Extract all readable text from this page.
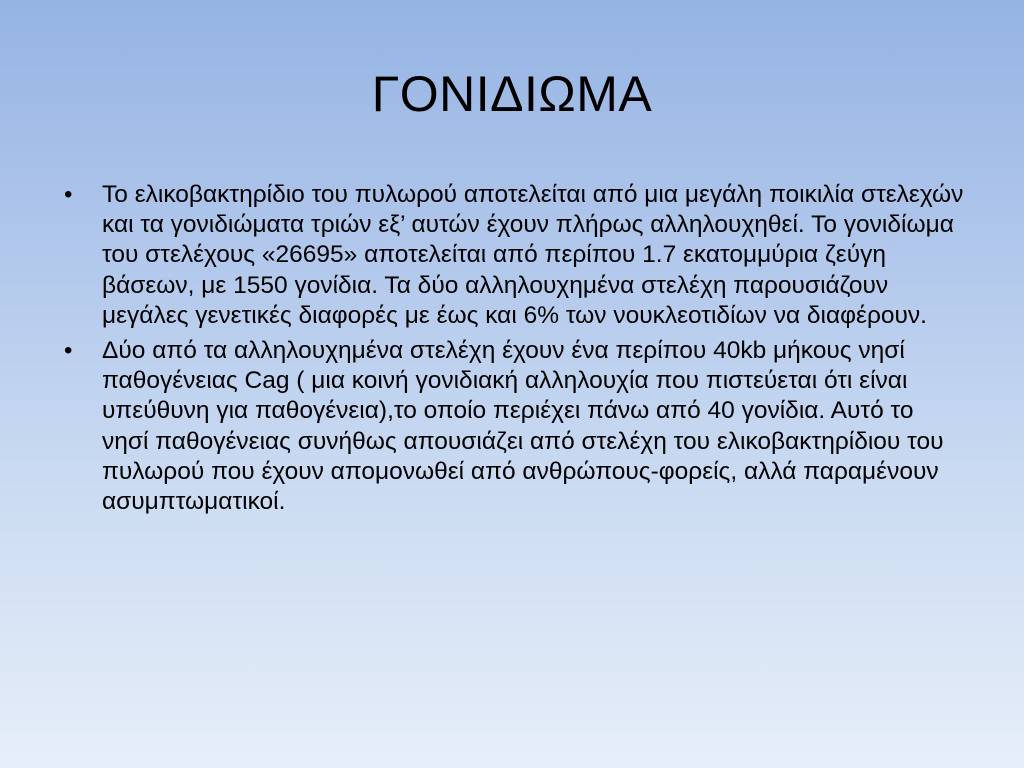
ΓΟΝΙΔΙΩΜΑ
• Το ελικοβακτηρίδιο του πυλωρού αποτελείται από μια μεγάλη ποικιλία στελεχών και τα γονιδιώματα τριών εξ’ αυτών έχουν πλήρως αλληλουχηθεί. Το γονιδίωμα του στελέχους «26695» αποτελείται από περίπου 1.7 εκατομμύρια ζεύγη βάσεων, με 1550 γονίδια. Τα δύο αλληλουχημένα στελέχη παρουσιάζουν μεγάλες γενετικές διαφορές με έως και 6% των νουκλεοτιδίων να διαφέρουν.
• Δύο από τα αλληλουχημένα στελέχη έχουν ένα περίπου 40kb μήκους νησί παθογένειας Cag ( μια κοινή γονιδιακή αλληλουχία που πιστεύεται ότι είναι υπεύθυνη για παθογένεια),το οποίο περιέχει πάνω από 40 γονίδια. Αυτό το νησί παθογένειας συνήθως απουσιάζει από στελέχη του ελικοβακτηρίδιου του πυλωρού που έχουν απομονωθεί από ανθρώπους-φορείς, αλλά παραμένουν ασυμπτωματικοί.
